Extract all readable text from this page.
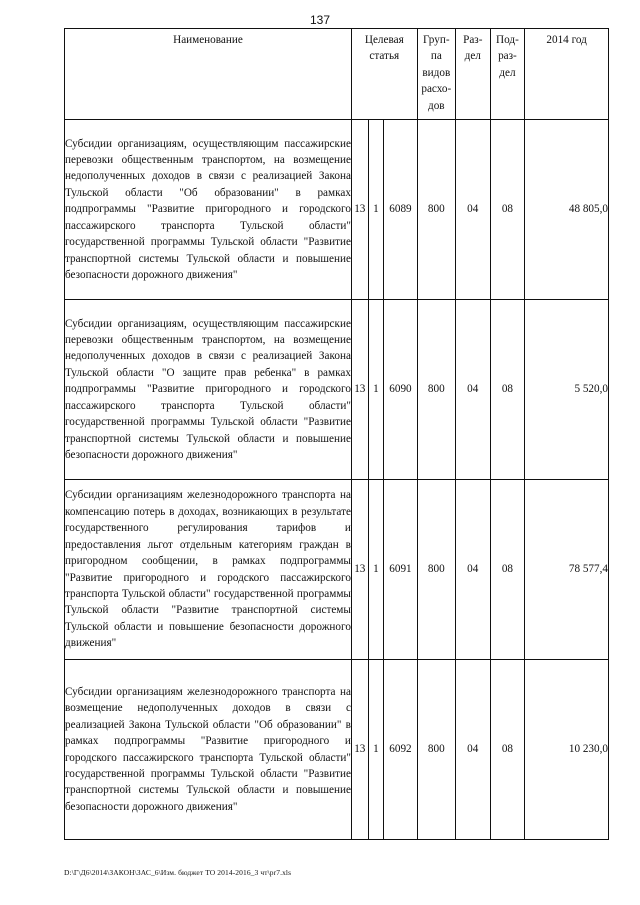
137
Наименование	Целевая статья			Груп-па видов расхо-дов	Раз-дел	Под-раз-дел	2014 год
Субсидии организациям, осуществляющим пассажирские перевозки общественным транспортом, на возмещение недополученных доходов в связи с реализацией Закона Тульской области "Об образовании" в рамках подпрограммы "Развитие пригородного и городского пассажирского транспорта Тульской области" государственной программы Тульской области "Развитие транспортной системы Тульской области и повышение безопасности дорожного движения"	13	1	6089	800	04	08	48 805,0
Субсидии организациям, осуществляющим пассажирские перевозки общественным транспортом, на возмещение недополученных доходов в связи с реализацией Закона Тульской области "О защите прав ребенка" в рамках подпрограммы "Развитие пригородного и городского пассажирского транспорта Тульской области" государственной программы Тульской области "Развитие транспортной системы Тульской области и повышение безопасности дорожного движения"	13	1	6090	800	04	08	5 520,0
Субсидии организациям железнодорожного транспорта на компенсацию потерь в доходах, возникающих в результате государственного регулирования тарифов и предоставления льгот отдельным категориям граждан в пригородном сообщении, в рамках подпрограммы "Развитие пригородного и городского пассажирского транспорта Тульской области" государственной программы Тульской области "Развитие транспортной системы Тульской области и повышение безопасности дорожного движения"	13	1	6091	800	04	08	78 577,4
Субсидии организациям железнодорожного транспорта на возмещение недополученных доходов в связи с реализацией Закона Тульской области "Об образовании" в рамках подпрограммы "Развитие пригородного и городского пассажирского транспорта Тульской области" государственной программы Тульской области "Развитие транспортной системы Тульской области и повышение безопасности дорожного движения"	13	1	6092	800	04	08	10 230,0
D:\Г\Д6\2014\ЗАКОН\ЗАС_6\Изм. бюджет ТО 2014-2016_3 чт\pr7.xls
